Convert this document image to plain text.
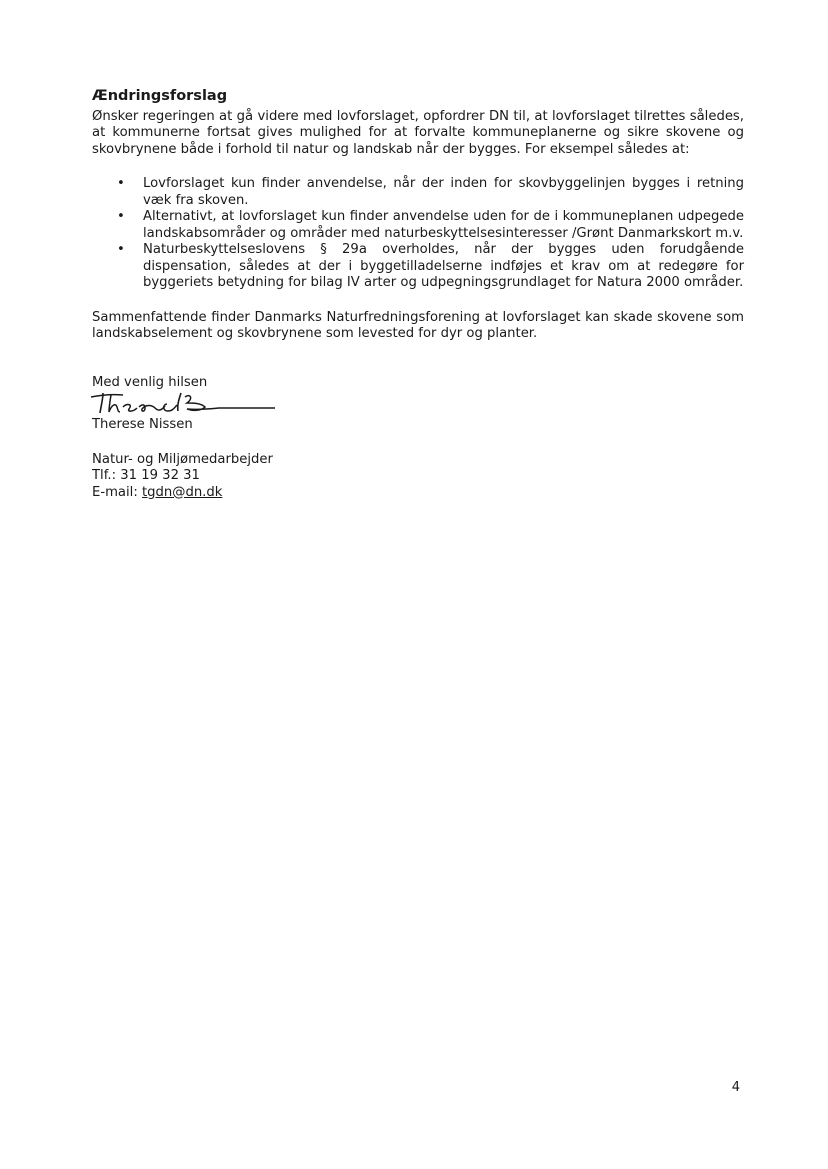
Ændringsforslag

Ønsker regeringen at gå videre med lovforslaget, opfordrer DN til, at lovforslaget tilrettes således, at kommunerne fortsat gives mulighed for at forvalte kommuneplanerne og sikre skovene og skovbrynene både i forhold til natur og landskab når der bygges. For eksempel således at:

• Lovforslaget kun finder anvendelse, når der inden for skovbyggelinjen bygges i retning væk fra skoven.
• Alternativt, at lovforslaget kun finder anvendelse uden for de i kommuneplanen udpegede landskabsområder og områder med naturbeskyttelsesinteresser /Grønt Danmarkskort m.v.
• Naturbeskyttelseslovens § 29a overholdes, når der bygges uden forudgående dispensation, således at der i byggetilladelserne indføjes et krav om at redegøre for byggeriets betydning for bilag IV arter og udpegningsgrundlaget for Natura 2000 områder.

Sammenfattende finder Danmarks Naturfredningsforening at lovforslaget kan skade skovene som landskabselement og skovbrynene som levested for dyr og planter.

Med venlig hilsen
Therese Nissen
Natur- og Miljømedarbejder
Tlf.: 31 19 32 31
E-mail: tgdn@dn.dk
4
